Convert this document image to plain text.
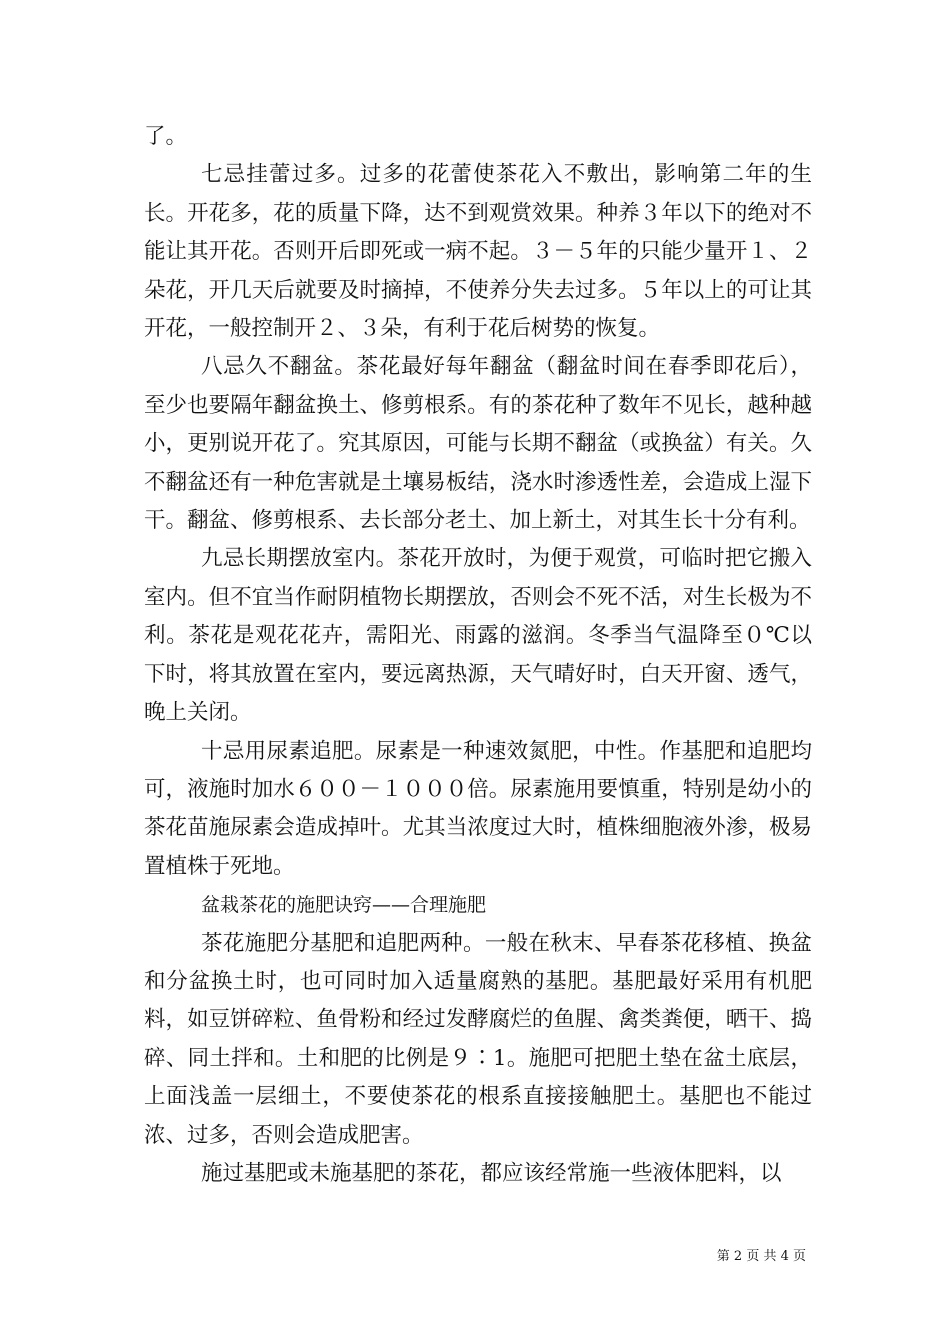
了。

七忌挂蕾过多。过多的花蕾使茶花入不敷出，影响第二年的生长。开花多，花的质量下降，达不到观赏效果。种养３年以下的绝对不能让其开花。否则开后即死或一病不起。３－５年的只能少量开１、２朵花，开几天后就要及时摘掉，不使养分失去过多。５年以上的可让其开花，一般控制开２、３朵，有利于花后树势的恢复。

八忌久不翻盆。茶花最好每年翻盆（翻盆时间在春季即花后），至少也要隔年翻盆换土、修剪根系。有的茶花种了数年不见长，越种越小，更别说开花了。究其原因，可能与长期不翻盆（或换盆）有关。久不翻盆还有一种危害就是土壤易板结，浇水时渗透性差，会造成上湿下干。翻盆、修剪根系、去长部分老土、加上新土，对其生长十分有利。

九忌长期摆放室内。茶花开放时，为便于观赏，可临时把它搬入室内。但不宜当作耐阴植物长期摆放，否则会不死不活，对生长极为不利。茶花是观花花卉，需阳光、雨露的滋润。冬季当气温降至０℃以下时，将其放置在室内，要远离热源，天气晴好时，白天开窗、透气，晚上关闭。

十忌用尿素追肥。尿素是一种速效氮肥，中性。作基肥和追肥均可，液施时加水６００－１０００倍。尿素施用要慎重，特别是幼小的茶花苗施尿素会造成掉叶。尤其当浓度过大时，植株细胞液外渗，极易置植株于死地。

盆栽茶花的施肥诀窍——合理施肥

茶花施肥分基肥和追肥两种。一般在秋末、早春茶花移植、换盆和分盆换土时，也可同时加入适量腐熟的基肥。基肥最好采用有机肥料，如豆饼碎粒、鱼骨粉和经过发酵腐烂的鱼腥、禽类粪便，晒干、捣碎、同土拌和。土和肥的比例是９∶1。施肥可把肥土垫在盆土底层，上面浅盖一层细土，不要使茶花的根系直接接触肥土。基肥也不能过浓、过多，否则会造成肥害。

施过基肥或未施基肥的茶花，都应该经常施一些液体肥料，以

第 2 页 共 4 页
